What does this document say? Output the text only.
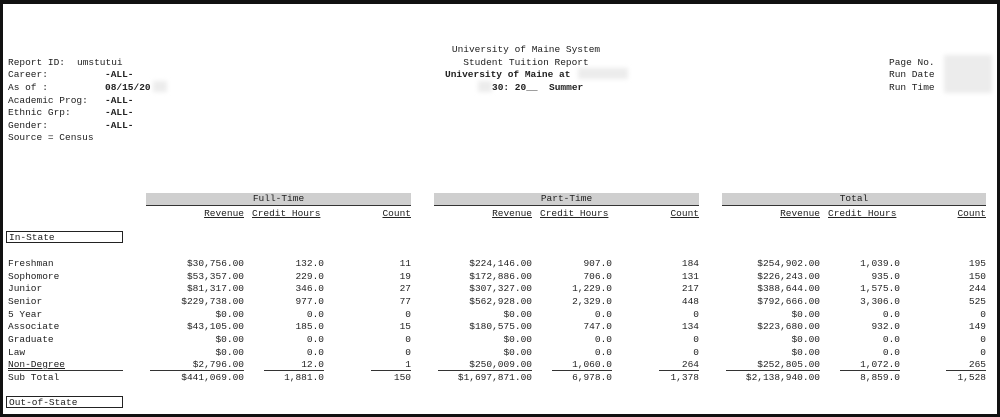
University of Maine System
Student Tuition Report
University of Maine at
30: 20__ Summer
Page No.
Run Date
Run Time
Report ID: umstutui
Career:	-ALL-
As of :	08/15/20
Academic Prog: -ALL-
Ethnic Grp:	-ALL-
Gender:	-ALL-
Source = Census
Full-Time	Part-Time	Total
Revenue Credit Hours	Count	Revenue Credit Hours	Count	Revenue Credit Hours	Count
In-State
Out-of-State
Freshman	$30,756.00	132.0	11	$224,146.00	907.0	184	$254,902.00	1,039.0	195
Sophomore	$53,357.00	229.0	19	$172,886.00	706.0	131	$226,243.00	935.0	150
Junior	$81,317.00	346.0	27	$307,327.00	1,229.0	217	$388,644.00	1,575.0	244
Senior	$229,738.00	977.0	77	$562,928.00	2,329.0	448	$792,666.00	3,306.0	525
5 Year	$0.00	0.0	0	$0.00	0.0	0	$0.00	0.0	0
Associate	$43,105.00	185.0	15	$180,575.00	747.0	134	$223,680.00	932.0	149
Graduate	$0.00	0.0	0	$0.00	0.0	0	$0.00	0.0	0
Law	$0.00	0.0	0	$0.00	0.0	0	$0.00	0.0	0
Non-Degree	$2,796.00	12.0	1	$250,009.00	1,060.0	264	$252,805.00	1,072.0	265
Sub Total	$441,069.00	1,881.0	150	$1,697,871.00	6,978.0	1,378	$2,138,940.00	8,859.0	1,528
